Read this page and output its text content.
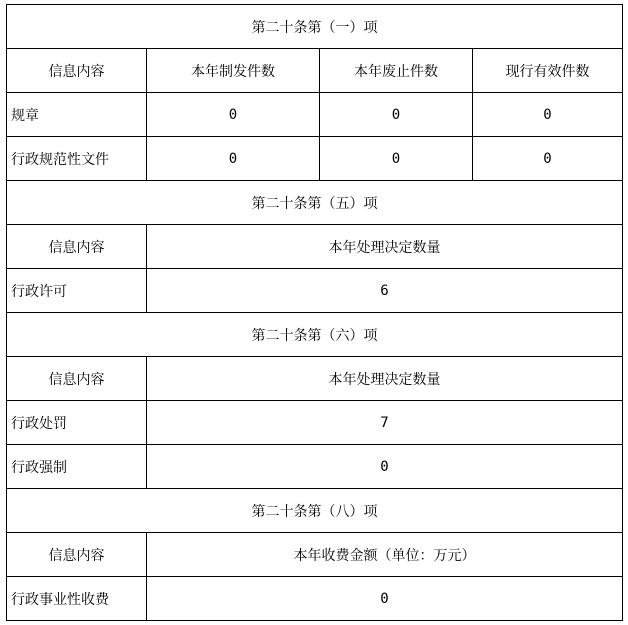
第二十条第（一）项			
信息内容	本年制发件数	本年废止件数	现行有效件数
规章	0	0	0
行政规范性文件	0	0	0
第二十条第（五）项			
信息内容	本年处理决定数量		
行政许可	6		
第二十条第（六）项			
信息内容	本年处理决定数量		
行政处罚	7		
行政强制	0		
第二十条第（八）项			
信息内容	本年收费金额（单位：万元）		
行政事业性收费	0		
